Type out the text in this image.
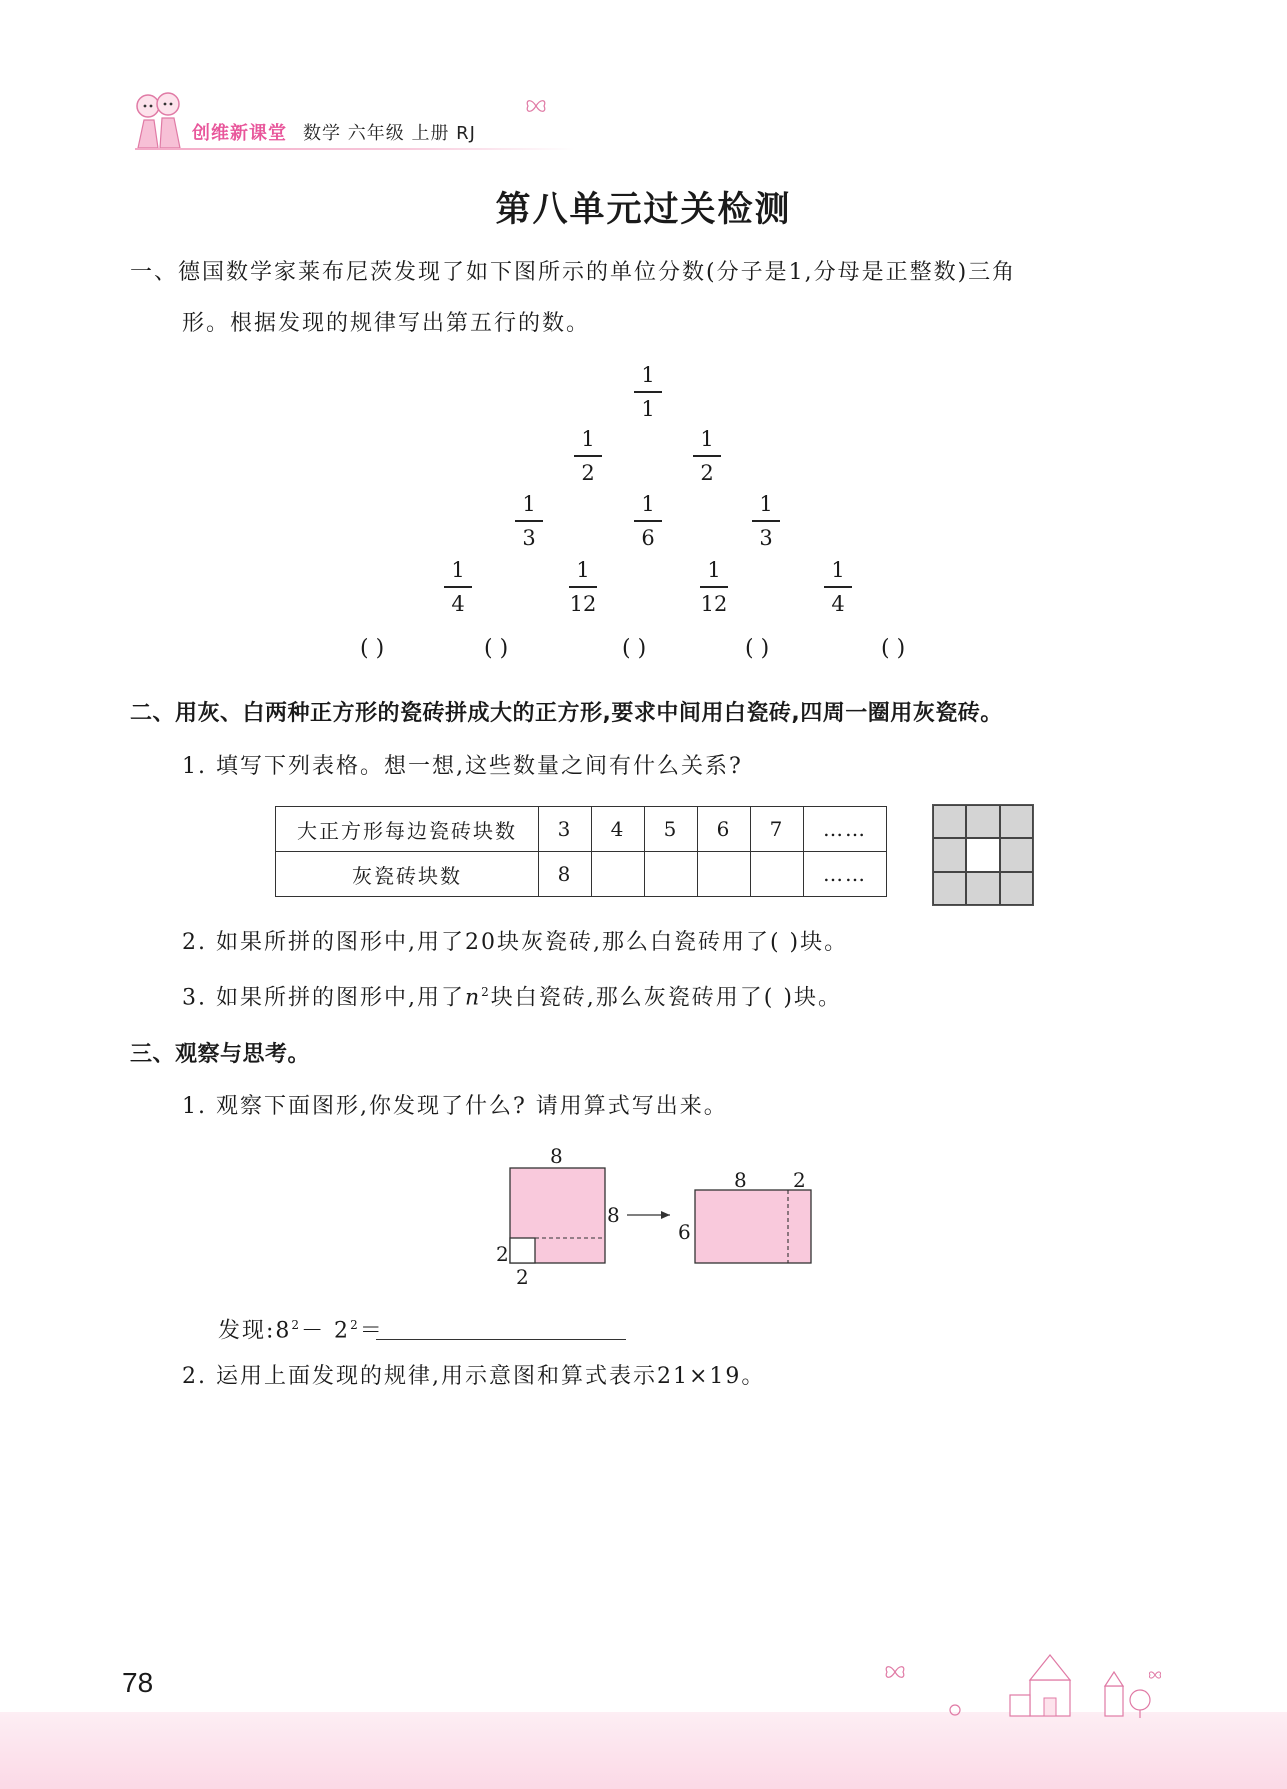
创维新课堂 数学 六年级 上册 RJ
第八单元过关检测
一、德国数学家莱布尼茨发现了如下图所示的单位分数(分子是1,分母是正整数)三角
形。根据发现的规律写出第五行的数。
1
1
1
2
1
2
1
3
1
6
1
3
1
4
1
12
1
12
1
4
( )	( )	( )	( )	( )
二、用灰、白两种正方形的瓷砖拼成大的正方形,要求中间用白瓷砖,四周一圈用灰瓷砖。
1. 填写下列表格。想一想,这些数量之间有什么关系?
大正方形每边瓷砖块数	3	4	5	6	7	……
灰瓷砖块数	8					……
2. 如果所拼的图形中,用了20块灰瓷砖,那么白瓷砖用了( )块。
3. 如果所拼的图形中,用了$n^2$块白瓷砖,那么灰瓷砖用了( )块。
三、观察与思考。
1. 观察下面图形,你发现了什么? 请用算式写出来。
8
8
2
2
8 2
6
发现$:8^2- 2^2=$
2. 运用上面发现的规律,用示意图和算式表示21×19。
78
